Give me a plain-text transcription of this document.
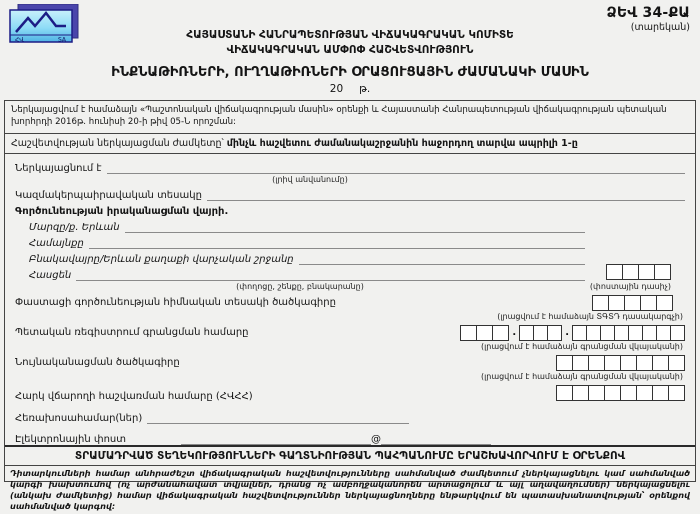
ՀՎ	SA
ՁԵՎ 34-ՔԱ
(տարեկան)
ՀԱՅԱՍՏԱՆԻ ՀԱՆՐԱՊԵՏՈՒԹՅԱՆ ՎԻՃԱԿԱԳՐԱԿԱՆ ԿՈՄԻՏԵ
ՎԻՃԱԿԱԳՐԱԿԱՆ ԱՄՓՈՓ ՀԱՇՎԵՏՎՈՒԹՅՈՒՆ
ԻՆՔՆԱԹԻՌՆԵՐԻ, ՈՒՂՂԱԹԻՌՆԵՐԻ ՕՐԱՑՈՒՑԱՅԻՆ ԺԱՄԱՆԱԿԻ ՄԱՍԻՆ
20 թ.
Ներկայացվում է համաձայն «Պաշտոնական վիճակագրության մասին» օրենքի և Հայաստանի Հանրապետության վիճակագրության պետական խորհրդի 2016թ. հունիսի 20-ի թիվ 05-Ն որոշման:
Հաշվետվության ներկայացման ժամկետը՝ մինչև հաշվետու ժամանակաշրջանին հաջորդող տարվա ապրիլի 1-ը
Ներկայացնում է
(լրիվ անվանումը)
Կազմակերպաիրավական տեսակը
Գործունեության իրականացման վայրի.
Մարզը/ք. Երևան
Համայնքը
Բնակավայրը/Երևան քաղաքի վարչական շրջանը
Հասցեն
(փողոցը, շենքը, բնակարանը)	(փոստային դասիչ)
Փաստացի գործունեության հիմնական տեսակի ծածկագիրը
(լրացվում է համաձայն ՏԳՏԴ դասակարգչի)
Պետական ռեգիստրում գրանցման համարը	.	.
(լրացվում է համաձայն գրանցման վկայականի)
Նույնականացման ծածկագիրը
(լրացվում է համաձայն գրանցման վկայականի)
Հարկ վճարողի հաշվառման համարը (ՀՎՀՀ)
Հեռախոսահամար(ներ)
Էլեկտրոնային փոստ	@
ՏՐԱՄԱԴՐՎԱԾ ՏԵՂԵԿՈՒԹՅՈՒՆՆԵՐԻ ԳԱՂՏՆԻՈՒԹՅԱՆ ՊԱՀՊԱՆՈՒՄԸ ԵՐԱՇԽԱՎՈՐՎՈՒՄ Է ՕՐԵՆՔՈՎ
Դիտարկումների համար անհրաժեշտ վիճակագրական հաշվետվությունները սահմանված ժամկետում չներկայացնելու կամ սահմանված կարգի խախտումով (ոչ արժանահավատ տվյալներ, դրանց ոչ ամբողջականորեն արտացոլում և այլ աղավաղումներ) ներկայացնելու (անկախ ժամկետից) համար վիճակագրական հաշվետվություններ ներկայացնողները ենթարկվում են պատասխանատվության՝ օրենքով սահմանված կարգով:
